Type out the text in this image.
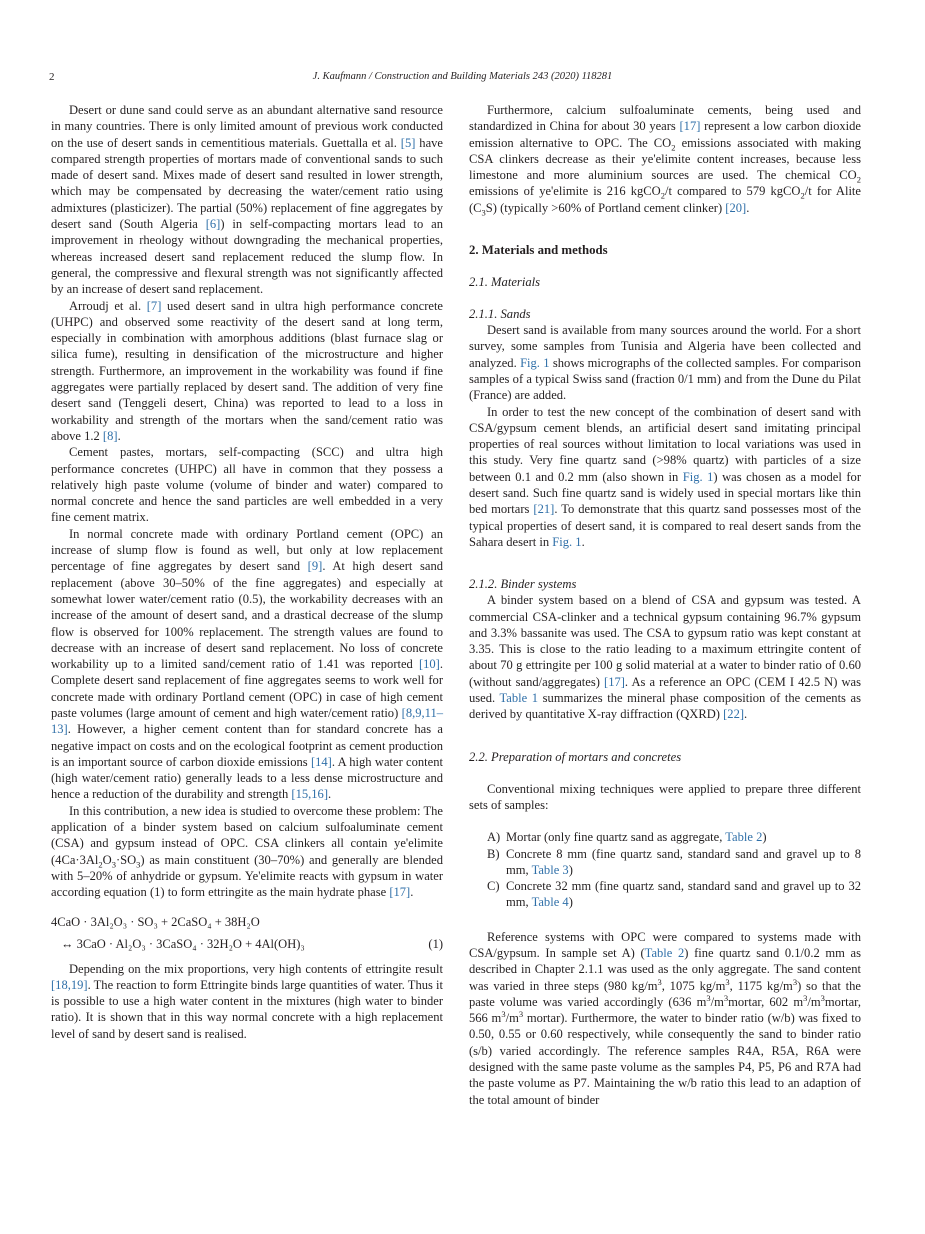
2	J. Kaufmann / Construction and Building Materials 243 (2020) 118281

Desert or dune sand could serve as an abundant alternative sand resource in many countries. There is only limited amount of previous work conducted on the use of desert sands in cementitious materials. Guettalla et al. [5] have compared strength properties of mortars made of conventional sands to such made of desert sand. Mixes made of desert sand resulted in lower strength, which may be compensated by decreasing the water/cement ratio using admixtures (plasticizer). The partial (50%) replacement of fine aggregates by desert sand (South Algeria [6]) in self-compacting mortars lead to an improvement in rheology without downgrading the mechanical properties, whereas increased desert sand replacement reduced the slump flow. In general, the compressive and flexural strength was not significantly affected by an increase of desert sand replacement.

Arroudj et al. [7] used desert sand in ultra high performance concrete (UHPC) and observed some reactivity of the desert sand at long term, especially in combination with amorphous additions (blast furnace slag or silica fume), resulting in densification of the microstructure and higher strength. Furthermore, an improvement in the workability was found if fine aggregates were partially replaced by desert sand. The addition of very fine desert sand (Tenggeli desert, China) was reported to lead to a loss in workability and strength of the mortars when the sand/cement ratio was above 1.2 [8].

Cement pastes, mortars, self-compacting (SCC) and ultra high performance concretes (UHPC) all have in common that they possess a relatively high paste volume (volume of binder and water) compared to normal concrete and hence the sand particles are well embedded in a very fine cement matrix.

In normal concrete made with ordinary Portland cement (OPC) an increase of slump flow is found as well, but only at low replacement percentage of fine aggregates by desert sand [9]. At high desert sand replacement (above 30–50% of the fine aggregates) and especially at somewhat lower water/cement ratio (0.5), the workability decreases with an increase of the amount of desert sand, and a drastical decrease of the slump flow is observed for 100% replacement. The strength values are found to decrease with an increase of desert sand replacement. No loss of concrete workability up to a limited sand/cement ratio of 1.41 was reported [10]. Complete desert sand replacement of fine aggregates seems to work well for concrete made with ordinary Portland cement (OPC) in case of high cement paste volumes (large amount of cement and high water/cement ratio) [8,9,11–13]. However, a higher cement content than for standard concrete has a negative impact on costs and on the ecological footprint as cement production is an important source of carbon dioxide emissions [14]. A high water content (high water/cement ratio) generally leads to a less dense microstructure and hence a reduction of the durability and strength [15,16].

In this contribution, a new idea is studied to overcome these problem: The application of a binder system based on calcium sulfoaluminate cement (CSA) and gypsum instead of OPC. CSA clinkers all contain ye'elimite $(4Ca\cdot 3Al_2O_3\cdot SO_3)$ as main constituent (30–70%) and generally are blended with 5–20% of anhydride or gypsum. Ye'elimite reacts with gypsum in water according equation (1) to form ettringite as the main hydrate phase [17].

4CaO · 3Al₂O₃ · SO₃ + 2CaSO₄ + 38H₂O
↔ 3CaO · Al₂O₃ · 3CaSO₄ · 32H₂O + 4Al(OH)₃	(1)

Depending on the mix proportions, very high contents of ettringite result [18,19]. The reaction to form Ettringite binds large quantities of water. Thus it is possible to use a high water content in the mixtures (high water to binder ratio). It is shown that in this way normal concrete with a high replacement level of sand by desert sand is realised.

Furthermore, calcium sulfoaluminate cements, being used and standardized in China for about 30 years [17] represent a low carbon dioxide emission alternative to OPC. The $CO_2$ emissions associated with making CSA clinkers decrease as their ye'elimite content increases, because less limestone and more aluminium sources are used. The chemical $CO_2$ emissions of ye'elimite is 216 kgCO$_2$/t compared to 579 kgCO$_2$/t for Alite $(C_3S)$ (typically >60% of Portland cement clinker) [20].

2. Materials and methods
2.1. Materials
2.1.1. Sands

Desert sand is available from many sources around the world. For a short survey, some samples from Tunisia and Algeria have been collected and analyzed. Fig. 1 shows micrographs of the collected samples. For comparison samples of a typical Swiss sand (fraction 0/1 mm) and from the Dune du Pilat (France) are added.

In order to test the new concept of the combination of desert sand with CSA/gypsum cement blends, an artificial desert sand imitating principal properties of real sources without limitation to local variations was used in this study. Very fine quartz sand (>98% quartz) with particles of a size between 0.1 and 0.2 mm (also shown in Fig. 1) was chosen as a model for desert sand. Such fine quartz sand is widely used in special mortars like thin bed mortars [21]. To demonstrate that this quartz sand possesses most of the typical properties of desert sand, it is compared to real desert sands from the Sahara desert in Fig. 1.

2.1.2. Binder systems

A binder system based on a blend of CSA and gypsum was tested. A commercial CSA-clinker and a technical gypsum containing 96.7% gypsum and 3.3% bassanite was used. The CSA to gypsum ratio was kept constant at 3.35. This is close to the ratio leading to a maximum ettringite content of about 70 g ettringite per 100 g solid material at a water to binder ratio of 0.60 (without sand/aggregates) [17]. As a reference an OPC (CEM I 42.5 N) was used. Table 1 summarizes the mineral phase composition of the cements as derived by quantitative X-ray diffraction (QXRD) [22].

2.2. Preparation of mortars and concretes

Conventional mixing techniques were applied to prepare three different sets of samples:

A) Mortar (only fine quartz sand as aggregate, Table 2)
B) Concrete 8 mm (fine quartz sand, standard sand and gravel up to 8 mm, Table 3)
C) Concrete 32 mm (fine quartz sand, standard sand and gravel up to 32 mm, Table 4)

Reference systems with OPC were compared to systems made with CSA/gypsum. In sample set A) (Table 2) fine quartz sand 0.1/0.2 mm as described in Chapter 2.1.1 was used as the only aggregate. The sand content was varied in three steps (980 $kg/m^3$, 1075 $kg/m^3$, 1175 $kg/m^3$) so that the paste volume was varied accordingly (636 $m^3/m^3mortar$, 602 $m^3/m^3mortar$, 566 $m^3/m^3$ mortar). Furthermore, the water to binder ratio (w/b) was fixed to 0.50, 0.55 or 0.60 respectively, while consequently the sand to binder ratio (s/b) varied accordingly. The reference samples R4A, R5A, R6A were designed with the same paste volume as the samples P4, P5, P6 and R7A had the paste volume as P7. Maintaining the w/b ratio this lead to an adaption of the total amount of binder
